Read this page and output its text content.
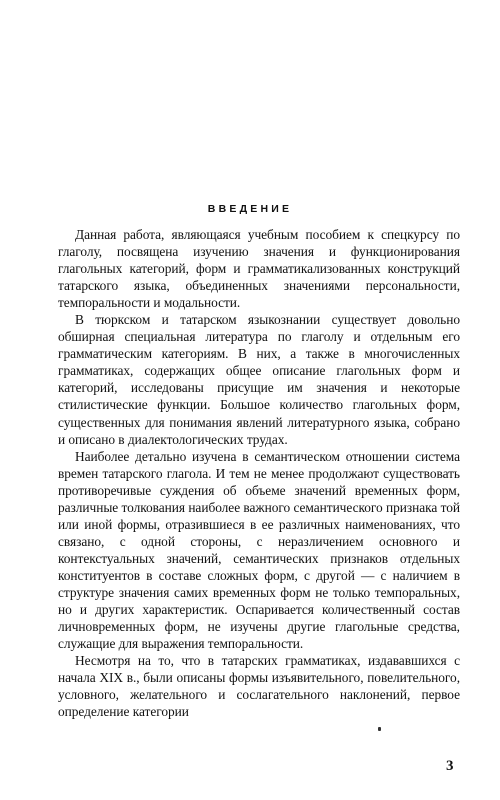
ВВЕДЕНИЕ

Данная работа, являющаяся учебным пособием к спецкурсу по глаголу, посвящена изучению значения и функционирования глагольных категорий, форм и грамматикализованных конструкций татарского языка, объединенных значениями персональности, темпоральности и модальности.

В тюркском и татарском языкознании существует довольно обширная специальная литература по глаголу и отдельным его грамматическим категориям. В них, а также в многочисленных грамматиках, содержащих общее описание глагольных форм и категорий, исследованы присущие им значения и некоторые стилистические функции. Большое количество глагольных форм, существенных для понимания явлений литературного языка, собрано и описано в диалектологических трудах.

Наиболее детально изучена в семантическом отношении система времен татарского глагола. И тем не менее продолжают существовать противоречивые суждения об объеме значений временных форм, различные толкования наиболее важного семантического признака той или иной формы, отразившиеся в ее различных наименованиях, что связано, с одной стороны, с неразличением основного и контекстуальных значений, семантических признаков отдельных конституентов в составе сложных форм, с другой — с наличием в структуре значения самих временных форм не только темпоральных, но и других характеристик. Оспаривается количественный состав личновременных форм, не изучены другие глагольные средства, служащие для выражения темпоральности.

Несмотря на то, что в татарских грамматиках, издававшихся с начала XIX в., были описаны формы изъявительного, повелительного, условного, желательного и сослагательного наклонений, первое определение категории

3
